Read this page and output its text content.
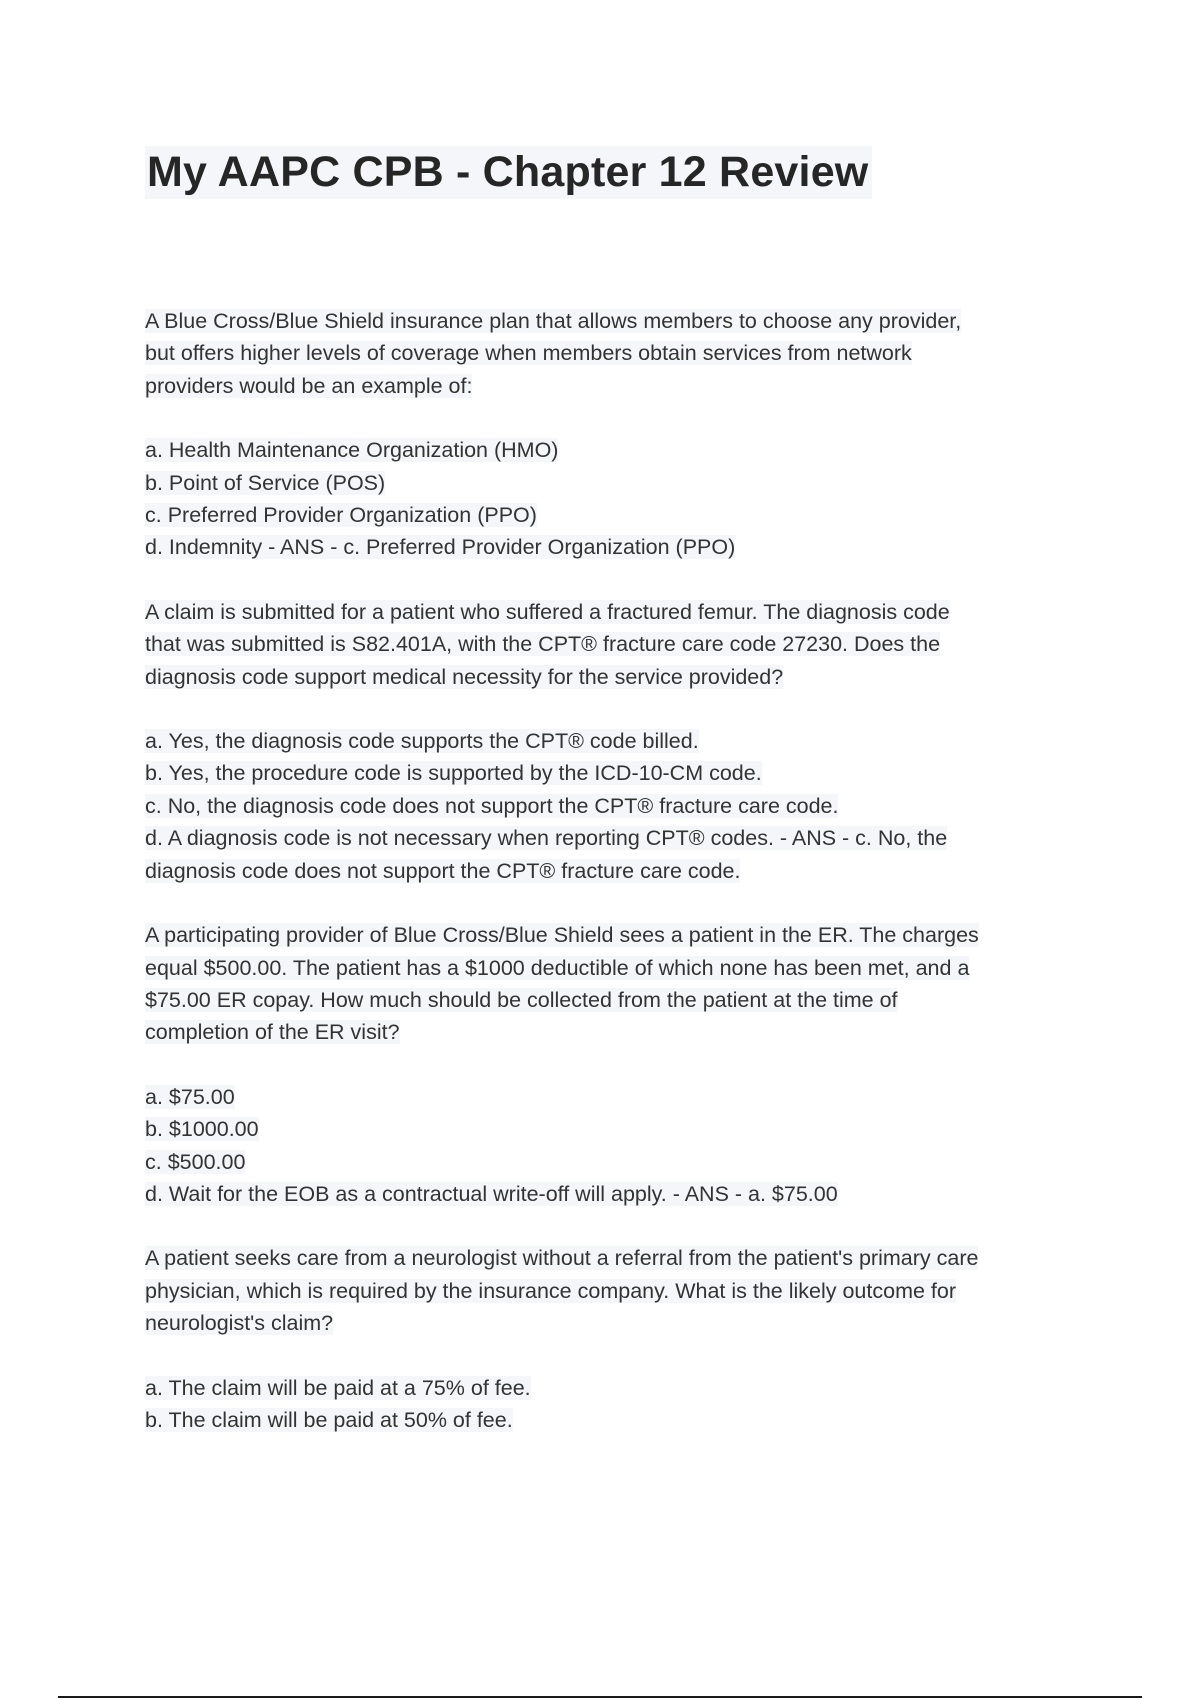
My AAPC CPB - Chapter 12 Review
A Blue Cross/Blue Shield insurance plan that allows members to choose any provider,
but offers higher levels of coverage when members obtain services from network
providers would be an example of:
a. Health Maintenance Organization (HMO)
b. Point of Service (POS)
c. Preferred Provider Organization (PPO)
d. Indemnity - ANS - c. Preferred Provider Organization (PPO)
A claim is submitted for a patient who suffered a fractured femur. The diagnosis code
that was submitted is S82.401A, with the CPT® fracture care code 27230. Does the
diagnosis code support medical necessity for the service provided?
a. Yes, the diagnosis code supports the CPT® code billed.
b. Yes, the procedure code is supported by the ICD-10-CM code.
c. No, the diagnosis code does not support the CPT® fracture care code.
d. A diagnosis code is not necessary when reporting CPT® codes. - ANS - c. No, the
diagnosis code does not support the CPT® fracture care code.
A participating provider of Blue Cross/Blue Shield sees a patient in the ER. The charges
equal $500.00. The patient has a $1000 deductible of which none has been met, and a
$75.00 ER copay. How much should be collected from the patient at the time of
completion of the ER visit?
a. $75.00
b. $1000.00
c. $500.00
d. Wait for the EOB as a contractual write-off will apply. - ANS - a. $75.00
A patient seeks care from a neurologist without a referral from the patient's primary care
physician, which is required by the insurance company. What is the likely outcome for
neurologist's claim?
a. The claim will be paid at a 75% of fee.
b. The claim will be paid at 50% of fee.
